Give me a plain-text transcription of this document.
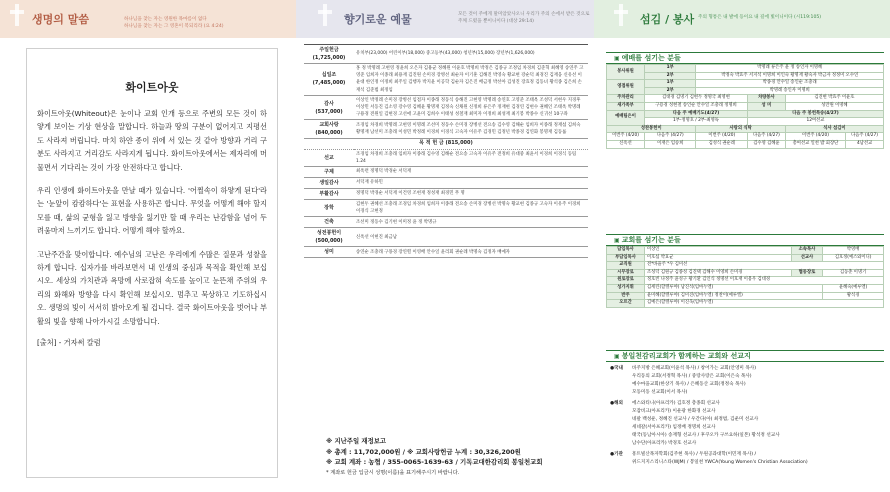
생명의 말씀	하나님을 찾는 자는 영원한 목마름이 없다
하나님을 찾는 자는 그 영혼이 복되리라 (요 4:24)
화이트아웃

화이트아웃(Whiteout)은 눈이나 교회 인개 등으로 주변의 모든 것이 하얗게 보이는 기상 현상을 말합니다. 하늘과 땅의 구분이 없어지고 지평선도 사라져 버립니다. 마치 하얀 종이 위에 서 있는 것 같아 방향과 거리 구분도 사라지고 거리감도 사라지게 됩니다. 화이트아웃에서는 제자리에 머물면서 기다리는 것이 가장 안전하다고 합니다.

우리 인생에 화이트아웃을 만날 때가 있습니다. '어찔속이 하얗게 된다'라는 '눈앞이 캄캄하다'는 표현을 사용하곤 합니다. 무엇을 어떻게 해야 할지 모를 때, 삶의 균형을 잃고 방향을 잃기만 할 때 우리는 난감함을 넘어 두려움마저 느끼기도 합니다. 어떻게 해야 할까요.

고난주간을 맞이합니다. 예수님의 고난은 우리에게 수많은 질문과 성찰을 하게 합니다. 십자가를 바라보면서 내 인생의 중심과 목적을 확인해 보십시오. 세상의 가치관과 욕망에 사로잡혀 속도를 높이고 눈뜬채 주위의 우리의 화해와 방향을 다시 확인해 보십시오. 멈추고 묵상하고 기도하십시오. 생명의 빛이 서서히 밝아오게 될 겁니다. 결국 화이트아웃을 벗어나 부활의 빛을 향해 나아가시길 소망합니다.

[출처] - 거자써 칼럼

향기로운 예물	모든 것이 주에게 말미암았사오니 우리가 주의 손에서 받은 것으로
주께 드렸을 뿐이니이다 (대상 29:14)
주일헌금
(1,725,000)	유치부(23,000) 어린이부(18,000) 중고등부(43,000) 청년부(15,000) 장년부(1,626,000)
십일조
(7,485,000)	홍 정 박명례 고현영 정윤희 오은자 김용균 정혜원 이윤호 박명희 박정은 김종규 조정임 차경희 김준혁 최혜영 송연주 고영준 임희자 이종래 최용재 김진원 손미경 장병선 최순자 이기훈 김해진 박영숙 황교현 강순덕 최경진 김재웅 신유선 이윤대 한인정 이정희 최주일 김행자 박지윤 이공학 김순자 김은진 배금정 박선아 김성진 장효정 김동녀 황석종 김은희 손재석 김준범 최정임
감사
(537,000)	이상인 박정례 손미경 장병선 임점자 이종래 정동식 송해진 고현영 박명례 송연호 고영준 조태옥 조성덕 서현우 지경후 이상민 서동진 김소영 강수영 김혜윤 황명재 김정숙 신채원 신정희 류은주 정재현 김경연 김현수 권혜인 조태옥 박명례 구용경 전원일 김현경 고선애 고윤미 김희수 이태성 성철재 최미자 이정희 최성재 최기봉 박종수 신귀선 10구좌
교회사랑
(840,000)	조경임 차경희 박명례 고현영 이명례 조선미 정동수 손미경 장병선 전요송 김수영 김해순 임희자 이종래 정재섭 김희숙 황명재 남선미 조충래 이성민 박정례 이경희 이경식 고숙자 이유주 김경민 김정년 박종경 김연화 봉명재 김동률
목 적 헌 금 (815,000)	
선교	조경임 차경희 조충래 임희자 이종래 김수영 김해순 전요송 고숙자 이유주 전정희 유대중 최윤서 이경희 이경식 동팀 1.24
구제	최옥련 정명덕 박경순 서덕재
생일감사	서덕재 유하민
부활감사	정명덕 박경순 서덕재 이건영 조현재 정성재 최경민 무 명
장학	김현두 권혜선 조충래 조경임 차경희 임희자 이종래 전요송 손미경 장병선 박명숙 황교현 김종규 고숙자 이유주 이경희 이경식 고현정
건축	조선미 정동수 김기현 이미정 윤 정 박명규
성전봉헌이
(500,000)	신옥선 이현진 최금남
성미	송연순 조충래 구몽경 장연렬 이영배 안수일 윤리회 권순례 박명숙 김정자 배예자
※ 지난주일 재정보고
※ 총계 : 11,702,000원 / ※ 교회사랑헌금 누계 : 30,326,200원
※ 교회 계좌 : 농협 / 355-0065-1639-63 / 기독교대한감리회 봉일천교회
* 계좌로 헌금 입금시 성명(이름)을 표기해주시기 바랍니다.
섬김 / 봉사 주의 형통은 내 발에 등이요 내 길에 빛이니이다 (시119:105)
▣ 예배를 섬기는 분들
봉사위원	1부	박명례 류은주 윤 정 송인자 이명혜			
	2부	박정숙 박효주 서지석 이명희 이인숙 황명재 황숙자 박금자 정정미 오수연			
영접위원	1부	박종경 안수일 송인순 조충래			
	2부	박명례 송인자 이명희			
주차관리	김대경 김명기 김현두 정명국 최영현		차량봉사	김진현 박효주 이윤호	
새가족부	구용경 성현철 송인순 안수일 조충래 정명희		성 미	성만원 이명혜	
예배팀은이	다음 주 예배기도(4/27)		다음 주 봉헌특송(4/27)		
	1부-정명호 / 2부-최영독		12여선교		
성찬봉헌이		사랑의 식탁		식사 섬김이	
이번주 (4/20)	다음주 (4/27)	이번주 (4/20)	다음주 (4/27)	이번주 (4/20)	다음주 (4/27)
신옥선	이재은 임승희	김성식 권순례	김수영 김혜윤	총여선교 일천 밥 회장단	4남선교
▣ 교회를 섬기는 분들
담임목사	이상인	소속목사	박영배
부담임목사	이호섭 박효균	선교사	김호정(예스와이디)
교직원	전*바율주 *우 김미선		
시무장로	조성덕 김원규 김종성 김진택 김해수 이영희 손미경	협동장로	김동춘 이명기
원로장로	정호빈 나정주 윤성구 황기환 김인식 정명선 이호재 이용우 김대경		
성가지휘	김세린(할렐루야) 남진석(임마누엘)		윤혜숙(예루엘)
반주	윤미혜(할렐루야) 김미진(임마누엘) 정찬이(예루엘)		황석경
오르간	김예은(할렐루야) 이진욱(임마누엘)		
▣ 봉일천감리교회가 함께하는 교회와 선교지
●국내	바주지방 은혜교회(이윤석 목사) / 창어가는 교회(안영미 목사)
우리동의 교회(서정혁 목사) / 중랑사랑은 교회(이은숙 목사)
예수마을교회(한상기 목사) / 은혜동산 교회(정정숙 목사)
모동미동 선교회(이서 목사)
●해외	에스와티니(아프리카) 김호정 총종회 선교사
모잠비크(아프리카) 이운광 한화경 선교사
네팔 백성운, 정혜진 선교사 / 우간다(아) 최정범, 김운미 선교사
세네갈(서아프리카) 임정배 정명희 선교사
태국(동남아시아) 송재형 선교사 / 후쿠오카 구쓰요하(일본) 황석정 선교사
남수단(아프리카) 박경호 선교사
●기관	흥트빌산목자학회(김주현 목사) / 두원공과대학(이민재 목사) /
위드지지스리니스타(WJM) / 봉일천 YWCA(Young Women's Christian Association)
